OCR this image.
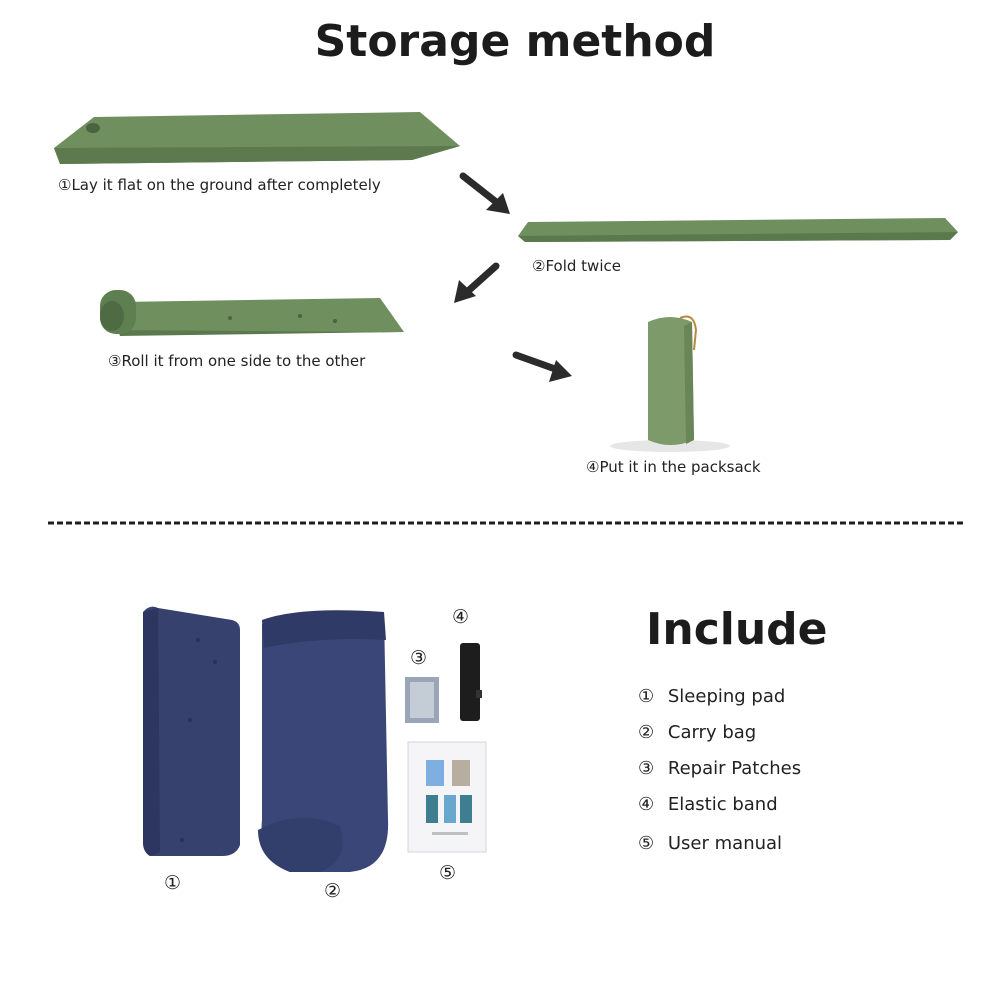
Storage method
①Lay it flat on the ground after completely
②Fold twice
③Roll it from one side to the other
④Put it in the packsack
Include
① Sleeping pad
② Carry bag
③ Repair Patches
④ Elastic band
⑤ User manual
①	②
③
④
⑤
